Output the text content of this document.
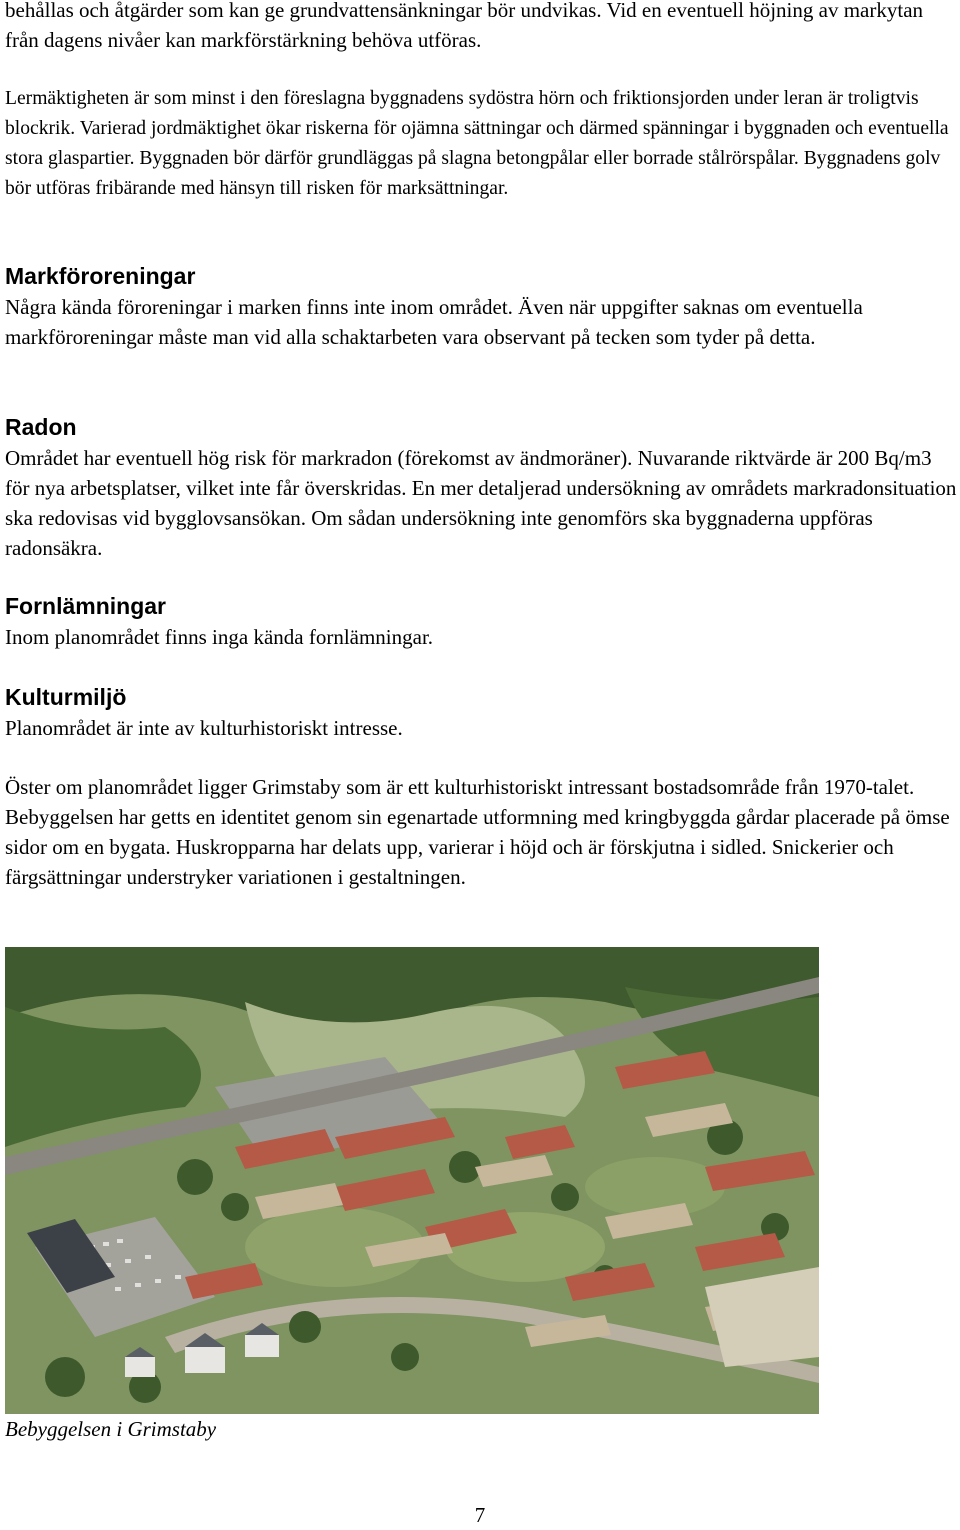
behållas och åtgärder som kan ge grundvattensänkningar bör undvikas. Vid en eventuell höjning av markytan från dagens nivåer kan markförstärkning behöva utföras.

Lermäktigheten är som minst i den föreslagna byggnadens sydöstra hörn och friktionsjorden under leran är troligtvis blockrik. Varierad jordmäktighet ökar riskerna för ojämna sättningar och därmed spänningar i byggnaden och eventuella stora glaspartier. Byggnaden bör därför grundläggas på slagna betongpålar eller borrade stålrörspålar. Byggnadens golv bör utföras fribärande med hänsyn till risken för marksättningar.

Markföroreningar

Några kända föroreningar i marken finns inte inom området. Även när uppgifter saknas om eventuella markföroreningar måste man vid alla schaktarbeten vara observant på tecken som tyder på detta.

Radon

Området har eventuell hög risk för markradon (förekomst av ändmoräner). Nuvarande riktvärde är 200 Bq/m3 för nya arbetsplatser, vilket inte får överskridas. En mer detaljerad undersökning av områdets markradonsituation ska redovisas vid bygglovsansökan. Om sådan undersökning inte genomförs ska byggnaderna uppföras radonsäkra.

Fornlämningar

Inom planområdet finns inga kända fornlämningar.

Kulturmiljö

Planområdet är inte av kulturhistoriskt intresse.

Öster om planområdet ligger Grimstaby som är ett kulturhistoriskt intressant bostadsområde från 1970-talet. Bebyggelsen har getts en identitet genom sin egenartade utformning med kringbyggda gårdar placerade på ömse sidor om en bygata. Huskropparna har delats upp, varierar i höjd och är förskjutna i sidled. Snickerier och färgsättningar understryker variationen i gestaltningen.

Bebyggelsen i Grimstaby

7
